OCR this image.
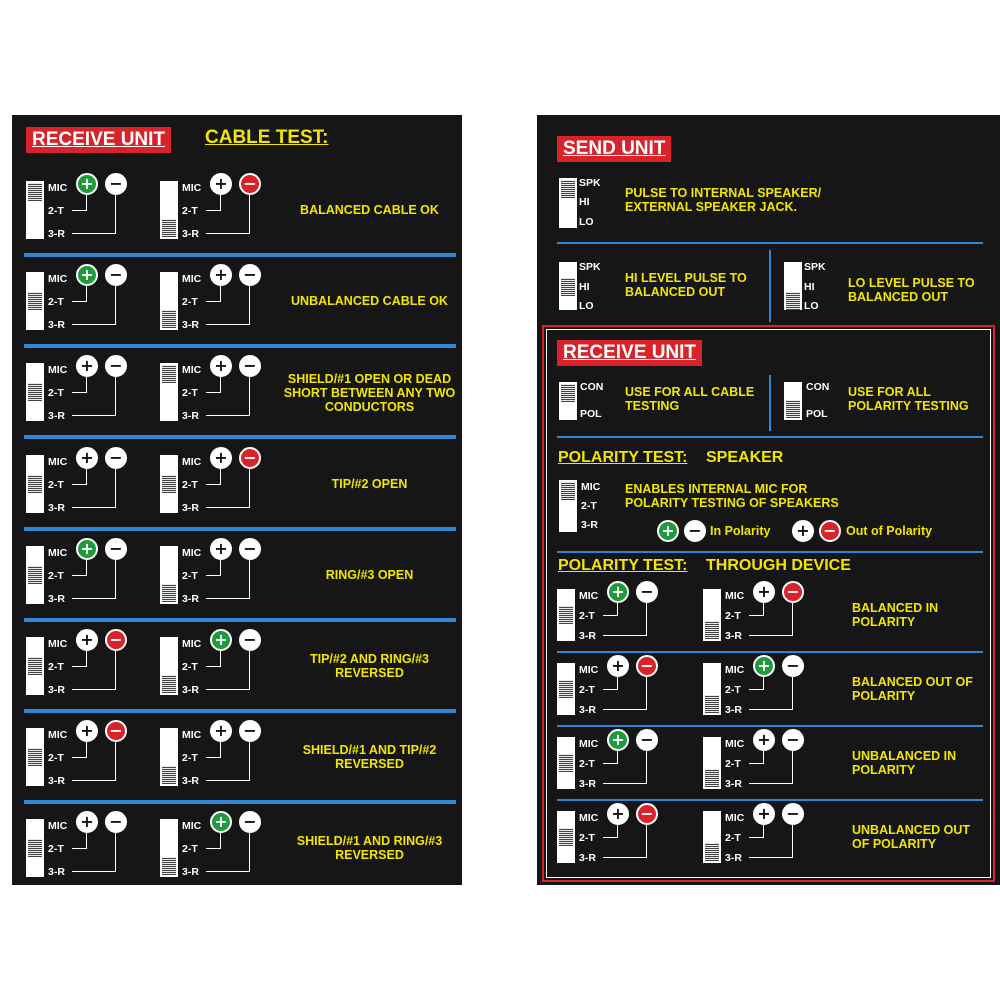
RECEIVE UNIT	CABLE TEST:
MIC
2-T
3-R
+ −	MIC
2-T
3-R
+ −
BALANCED CABLE OK
MIC
2-T
3-R
+ −	MIC
2-T
3-R
+ −
UNBALANCED CABLE OK
MIC
2-T
3-R
+ −	MIC
2-T
3-R
+ −
SHIELD/#1 OPEN OR DEAD SHORT BETWEEN ANY TWO CONDUCTORS
MIC
2-T
3-R
+ −	MIC
2-T
3-R
+ −
TIP/#2 OPEN
MIC
2-T
3-R
+ −	MIC
2-T
3-R
+ −
RING/#3 OPEN
MIC
2-T
3-R
+ −	MIC
2-T
3-R
+ −
TIP/#2 AND RING/#3 REVERSED
MIC
2-T
3-R
+ −	MIC
2-T
3-R
+ −
SHIELD/#1 AND TIP/#2 REVERSED
MIC
2-T
3-R
+ −	MIC
2-T
3-R
+ −
SHIELD/#1 AND RING/#3 REVERSED
SEND UNIT
SPK
HI
LO
PULSE TO INTERNAL SPEAKER/ EXTERNAL SPEAKER JACK.
SPK
HI
LO
HI LEVEL PULSE TO BALANCED OUT
SPK
HI
LO
LO LEVEL PULSE TO BALANCED OUT
RECEIVE UNIT
CON
POL
USE FOR ALL CABLE TESTING
CON
POL
USE FOR ALL POLARITY TESTING
POLARITY TEST: SPEAKER
MIC
2-T
3-R
ENABLES INTERNAL MIC FOR POLARITY TESTING OF SPEAKERS
+ − In Polarity + − Out of Polarity
POLARITY TEST: THROUGH DEVICE
MIC
2-T
3-R
+ −	MIC
2-T
3-R
+ −
BALANCED IN POLARITY
MIC
2-T
3-R
+ −	MIC
2-T
3-R
+ −
BALANCED OUT OF POLARITY
MIC
2-T
3-R
+ −	MIC
2-T
3-R
+ −
UNBALANCED IN POLARITY
MIC
2-T
3-R
+ −	MIC
2-T
3-R
+ −
UNBALANCED OUT OF POLARITY
